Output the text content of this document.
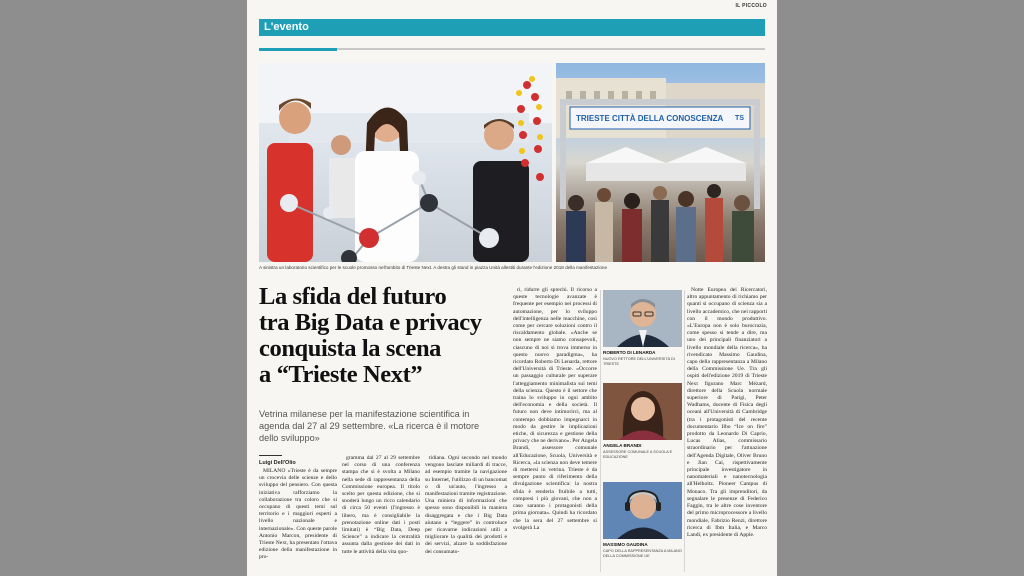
IL PICCOLO
L'evento
TRIESTE CITTÀ DELLA CONOSCENZA TS
A sinistra un laboratorio scientifico per le scuole promosso nell'ambito di Trieste Next. A destra gli stand in piazza Unità allestiti durante l'edizione 2018 della manifestazione
La sfida del futuro
tra Big Data e privacy
conquista la scena
a “Trieste Next”
Vetrina milanese per la manifestazione scientifica in agenda dal 27 al 29 settembre. «La ricerca è il motore dello sviluppo»
Luigi Dell'Olio

MILANO «Trieste è da sempre un crocevia delle scienze e dello sviluppo del pensiero. Con questa iniziativa rafforziamo la collaborazione tra coloro che si occupano di questi temi sul territorio e i maggiori esperti a livello nazionale e internazionale». Con queste parole Antonio Marcon, presidente di Trieste Next, ha presentato l'ottava edizione della manifestazione in pro-

gramma dal 27 al 29 settembre nel corso di una conferenza stampa che si è svolta a Milano nella sede di rappresentanza della Commissione europea. Il titolo scelto per questa edizione, che si snoderà lungo un ricco calendario di circa 50 eventi (l'ingresso è libero, ma è consigliabile la prenotazione online dati i posti limitati) è “Big Data, Deep Science” a indicare la centralità assunta dalla gestione dei dati in tutte le attività della vita quo-

tidiana. Ogni secondo nel mondo vengono lasciate miliardi di tracce, ad esempio tramite la navigazione su Internet, l'utilizzo di un bancomat o di un'auto, l'ingresso a manifestazioni tramite registrazione. Una miniera di informazioni che spesso sono disponibili in maniera disaggregata e che i Big Data aiutano a “leggere” in controluce per ricavarne indicazioni utili a migliorare la qualità dei prodotti e dei servizi, alzare la soddisfazione dei consumato-

ri, ridurre gli sprechi. Il ricorso a queste tecnologie avanzate è frequente per esempio nei processi di automazione, per lo sviluppo dell'intelligenza nelle macchine, così come per cercare soluzioni contro il riscaldamento globale. «Anche se non sempre ne siamo consapevoli, ciascuno di noi si trova immerso in questo nuovo paradigma», ha ricordato Roberto Di Lenarda, rettore dell'Università di Trieste. «Occorre un passaggio culturale per superare l'atteggiamento minimalista sui temi della scienza. Questo è il settore che traina lo sviluppo in ogni ambito dell'economia e della società. Il futuro non deve intimorirci, ma al contempo dobbiamo impegnarci in modo da gestire le implicazioni etiche, di sicurezza e gestione della privacy che ne derivano». Per Angela Brandi, assessore comunale all'Educazione, Scuola, Università e Ricerca, «la scienza non deve temere di mettersi in vetrina. Trieste è da sempre punto di riferimento della divulgazione scientifica: la nostra sfida è renderla fruibile a tutti, compresi i più giovani, che non a caso saranno i protagonisti della prima giornata». Quindi ha ricordato che la sera del 27 settembre si svolgerà La

Notte Europea dei Ricercatori, altro appuntamento di richiamo per quanti si occupano di scienza sia a livello accademico, che nei rapporti con il mondo produttivo. «L'Europa non è solo burocrazia, come spesso si tende a dire, ma uno dei principali finanziatori a livello mondiale della ricerca», ha rivendicato Massimo Gaudina, capo della rappresentanza a Milano della Commissione Ue. Tra gli ospiti dell'edizione 2019 di Trieste Next figurano Marc Mézard, direttore della Scuola normale superiore di Parigi, Peter Wadhams, docente di Fisica degli oceani all'Università di Cambridge (tra i protagonisti del recente documentario Ilbo “Ice on fire” prodotto da Leonardo Di Caprio, Lucas Alias, commissario straordinario per l'attuazione dell'Agenda Digitale, Oliver Bruno e Jian Cai, rispettivamente principale investigatore in nanomateriali e nanotecnologia all'Helholtz. Pioneer Campus di Monaco. Tra gli imprenditori, da segnalare le presenze di Federico Faggin, tra le altre cose inventore del primo microprocessore a livello mondiale, Fabrizio Renzi, direttore ricerca di Ibm Italia, e Marco Landi, ex presidente di Apple.

ROBERTO DI LENARDA
NUOVO RETTORE DELL'UNIVERSITÀ DI TRIESTE
ANGELA BRANDI
ASSESSORE COMUNALE A SCUOLA E EDUCAZIONE
MASSIMO GAUDINA
CAPO DELLA RAPPRESENTANZA A MILANO DELLA COMMISSIONE UE
